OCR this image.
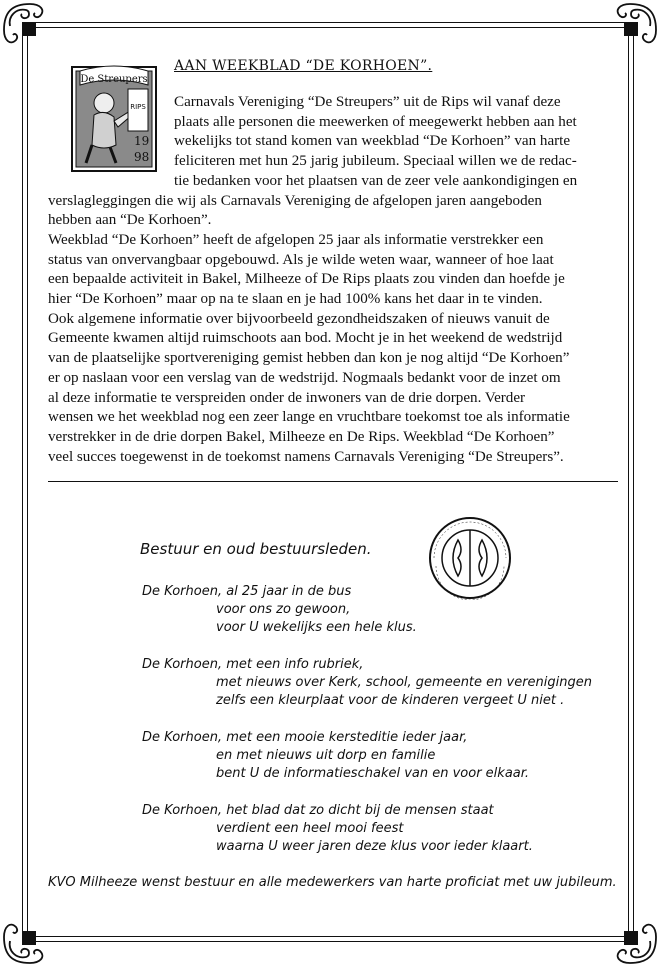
De Streupers
RIPS
19
98
AAN WEEKBLAD “DE KORHOEN”.
Carnavals Vereniging “De Streupers” uit de Rips wil vanaf deze
plaats alle personen die meewerken of meegewerkt hebben aan het
wekelijks tot stand komen van weekblad “De Korhoen” van harte
feliciteren met hun 25 jarig jubileum. Speciaal willen we de redac-
tie bedanken voor het plaatsen van de zeer vele aankondigingen en
verslagleggingen die wij als Carnavals Vereniging de afgelopen jaren aangeboden
hebben aan “De Korhoen”.
Weekblad “De Korhoen” heeft de afgelopen 25 jaar als informatie verstrekker een
status van onvervangbaar opgebouwd. Als je wilde weten waar, wanneer of hoe laat
een bepaalde activiteit in Bakel, Milheeze of De Rips plaats zou vinden dan hoefde je
hier “De Korhoen” maar op na te slaan en je had 100% kans het daar in te vinden.
Ook algemene informatie over bijvoorbeeld gezondheidszaken of nieuws vanuit de
Gemeente kwamen altijd ruimschoots aan bod. Mocht je in het weekend de wedstrijd
van de plaatselijke sportvereniging gemist hebben dan kon je nog altijd “De Korhoen”
er op naslaan voor een verslag van de wedstrijd. Nogmaals bedankt voor de inzet om
al deze informatie te verspreiden onder de inwoners van de drie dorpen. Verder
wensen we het weekblad nog een zeer lange en vruchtbare toekomst toe als informatie
verstrekker in de drie dorpen Bakel, Milheeze en De Rips. Weekblad “De Korhoen”
veel succes toegewenst in de toekomst namens Carnavals Vereniging “De Streupers”.
Bestuur en oud bestuursleden.
De Korhoen, al 25 jaar in de bus
voor ons zo gewoon,
voor U wekelijks een hele klus.
De Korhoen, met een info rubriek,
met nieuws over Kerk, school, gemeente en verenigingen
zelfs een kleurplaat voor de kinderen vergeet U niet .
De Korhoen, met een mooie kersteditie ieder jaar,
en met nieuws uit dorp en familie
bent U de informatieschakel van en voor elkaar.
De Korhoen, het blad dat zo dicht bij de mensen staat
verdient een heel mooi feest
waarna U weer jaren deze klus voor ieder klaart.
KVO Milheeze wenst bestuur en alle medewerkers van harte proficiat met uw jubileum.
